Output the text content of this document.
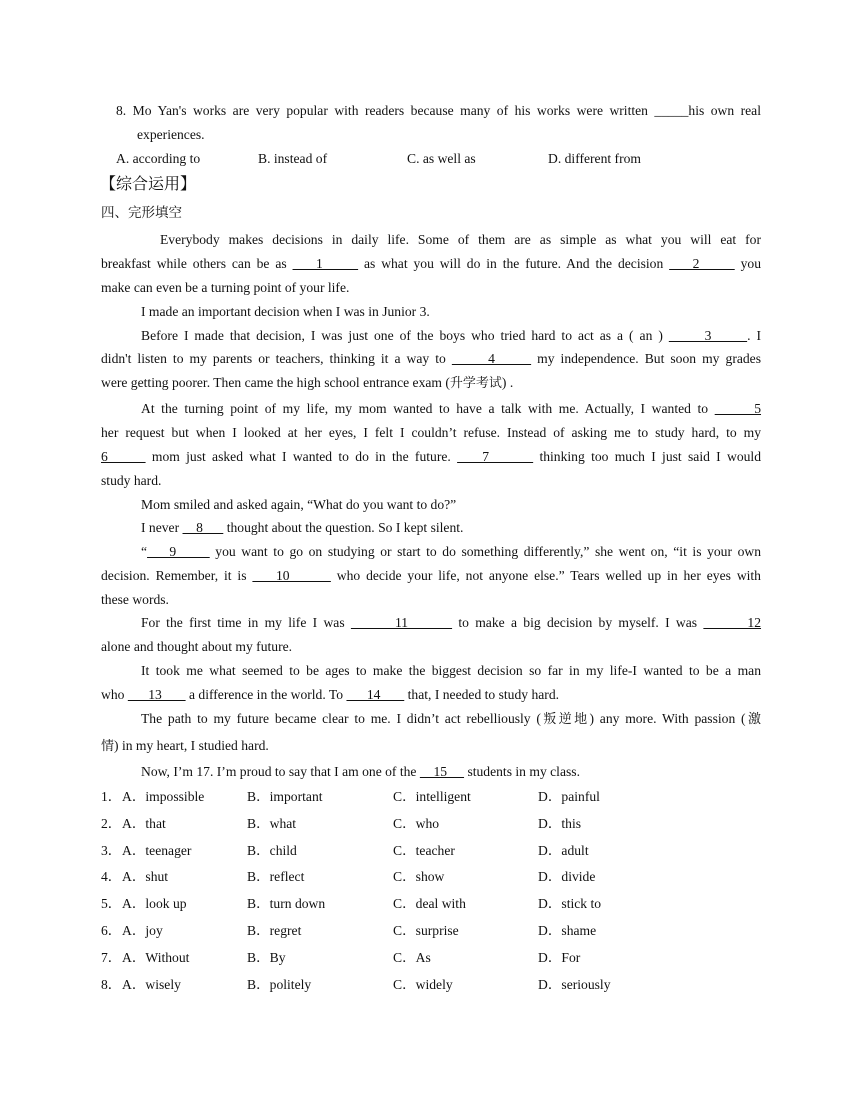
8. Mo Yan's works are very popular with readers because many of his works were written _____his own real
experiences.
A. according to	B. instead of	C. as well as	D. different from
【综合运用】
四、完形填空
Everybody makes decisions in daily life. Some of them are as simple as what you will eat for
breakfast while others can be as     1       as what you will do in the future. And the decision     2       you
make can even be a turning point of your life.
I made an important decision when I was in Junior 3.
Before I made that decision, I was just one of the boys who tried hard to act as a ( an )       3      . I
didn't listen to my parents or teachers, thinking it a way to       4       my independence. But soon my grades
were getting poorer. Then came the high school entrance exam (升学考试) .
At the turning point of my life, my mom wanted to have a talk with me. Actually, I wanted to       5
her request but when I looked at her eyes, I felt I couldn’t refuse. Instead of asking me to study hard, to my
6       mom just asked what I wanted to do in the future.     7        thinking too much I just said I would
study hard.
Mom smiled and asked again, “What do you want to do?”
I never     8       thought about the question. So I kept silent.
“    9       you want to go on studying or start to do something differently,” she went on, “it is your own
decision. Remember, it is     10        who decide your life, not anyone else.” Tears welled up in her eyes with
these words.
For the first time in my life I was        11        to make a big decision by myself. I was        12
alone and thought about my future.
It took me what seemed to be ages to make the biggest decision so far in my life-I wanted to be a man
who       13        a difference in the world. To       14        that, I needed to study hard.
The path to my future became clear to me. I didn’t act rebelliously (叛逆地) any more. With passion (激
情) in my heart, I studied hard.
Now, I’m 17. I’m proud to say that I am one of the     15      students in my class.
1． A．impossible	B．important	C．intelligent	D．painful
2． A．that	B．what	C．who	D．this
3． A．teenager	B．child	C．teacher	D．adult
4． A．shut	B．reflect	C．show	D．divide
5． A．look up	B．turn down	C．deal with	D．stick to
6． A．joy	B．regret	C．surprise	D．shame
7． A．Without	B．By	C．As	D．For
8． A．wisely	B．politely	C．widely	D．seriously
